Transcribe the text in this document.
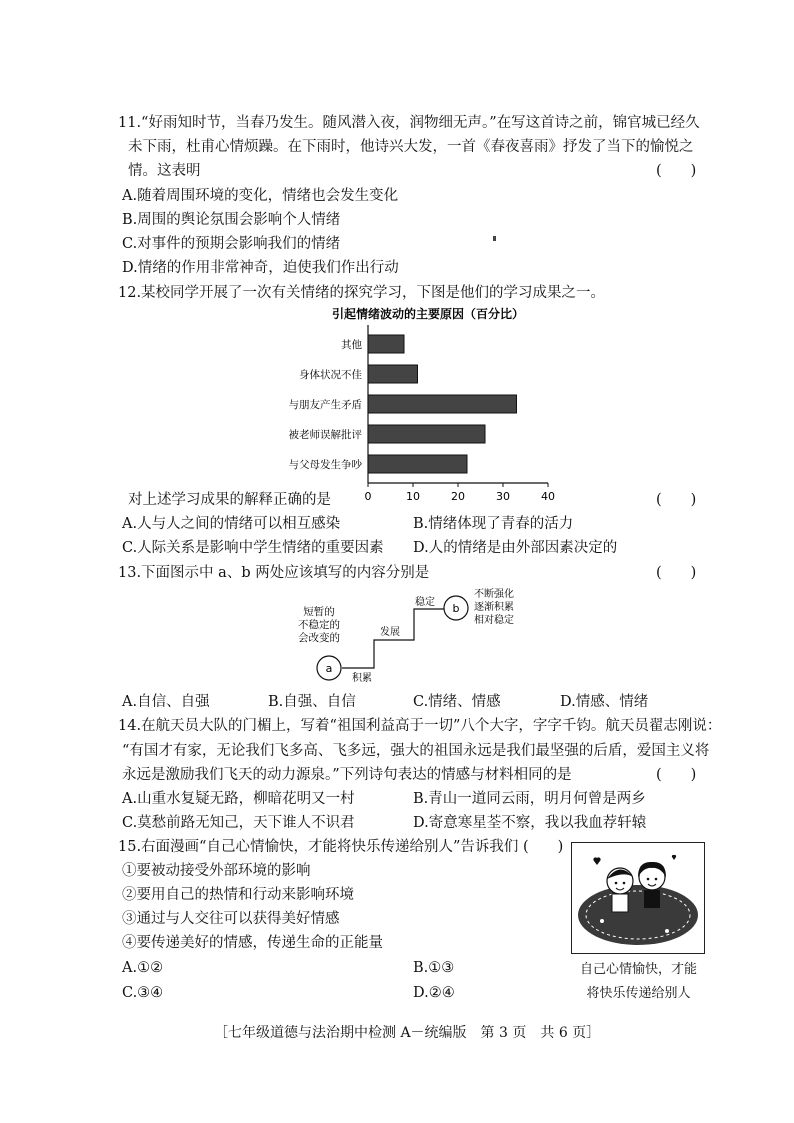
11.“好雨知时节，当春乃发生。随风潜入夜，润物细无声。”在写这首诗之前，锦官城已经久
未下雨，杜甫心情烦躁。在下雨时，他诗兴大发，一首《春夜喜雨》抒发了当下的愉悦之
情。这表明	(　　)
A.随着周围环境的变化，情绪也会发生变化
B.周围的舆论氛围会影响个人情绪
C.对事件的预期会影响我们的情绪
D.情绪的作用非常神奇，迫使我们作出行动
12.某校同学开展了一次有关情绪的探究学习，下图是他们的学习成果之一。
引起情绪波动的主要原因（百分比）
其他
身体状况不佳
与朋友产生矛盾
被老师误解批评
与父母发生争吵
0	10	20	30	40
对上述学习成果的解释正确的是	(　　)
A.人与人之间的情绪可以相互感染	B.情绪体现了青春的活力
C.人际关系是影响中学生情绪的重要因素 D.人的情绪是由外部因素决定的
13.下面图示中 a、b 两处应该填写的内容分别是	(　　)
短暂的
不稳定的
会改变的
a
积累
发展
稳定 b
不断强化
逐渐积累
相对稳定
A.自信、自强	B.自强、自信	C.情绪、情感	D.情感、情绪
14.在航天员大队的门楣上，写着“祖国利益高于一切”八个大字，字字千钧。航天员翟志刚说：
“有国才有家，无论我们飞多高、飞多远，强大的祖国永远是我们最坚强的后盾，爱国主义将
永远是激励我们飞天的动力源泉。”下列诗句表达的情感与材料相同的是	(　　)
A.山重水复疑无路，柳暗花明又一村	B.青山一道同云雨，明月何曾是两乡
C.莫愁前路无知己，天下谁人不识君	D.寄意寒星荃不察，我以我血荐轩辕
15.右面漫画“自己心情愉快，才能将快乐传递给别人”告诉我们 (　　)
①要被动接受外部环境的影响
②要用自己的热情和行动来影响环境
③通过与人交往可以获得美好情感
④要传递美好的情感，传递生命的正能量
A.①②	B.①③
C.③④	D.②④
自己心情愉快，才能
将快乐传递给别人
［七年级道德与法治期中检测 A－统编版　第 3 页　共 6 页］
